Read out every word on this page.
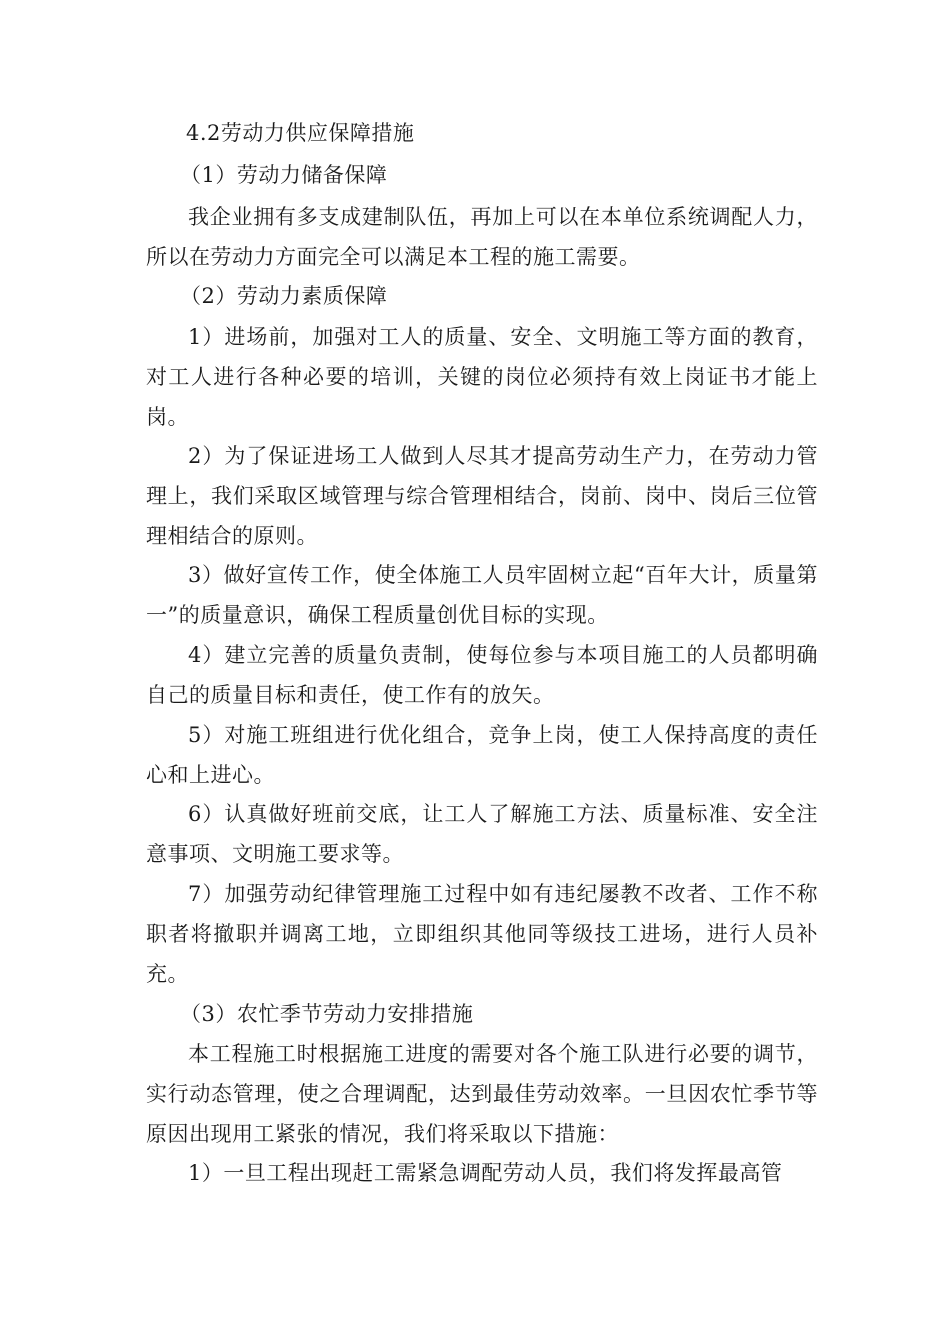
4.2劳动力供应保障措施

（1）劳动力储备保障

我企业拥有多支成建制队伍，再加上可以在本单位系统调配人力，所以在劳动力方面完全可以满足本工程的施工需要。

（2）劳动力素质保障

1）进场前，加强对工人的质量、安全、文明施工等方面的教育，对工人进行各种必要的培训，关键的岗位必须持有效上岗证书才能上岗。

2）为了保证进场工人做到人尽其才提高劳动生产力，在劳动力管理上，我们采取区域管理与综合管理相结合，岗前、岗中、岗后三位管理相结合的原则。

3）做好宣传工作，使全体施工人员牢固树立起“百年大计，质量第一”的质量意识，确保工程质量创优目标的实现。

4）建立完善的质量负责制，使每位参与本项目施工的人员都明确自己的质量目标和责任，使工作有的放矢。

5）对施工班组进行优化组合，竞争上岗，使工人保持高度的责任心和上进心。

6）认真做好班前交底，让工人了解施工方法、质量标准、安全注意事项、文明施工要求等。

7）加强劳动纪律管理施工过程中如有违纪屡教不改者、工作不称职者将撤职并调离工地，立即组织其他同等级技工进场，进行人员补充。

（3）农忙季节劳动力安排措施

本工程施工时根据施工进度的需要对各个施工队进行必要的调节，实行动态管理，使之合理调配，达到最佳劳动效率。一旦因农忙季节等原因出现用工紧张的情况，我们将采取以下措施：

1）一旦工程出现赶工需紧急调配劳动人员，我们将发挥最高管
